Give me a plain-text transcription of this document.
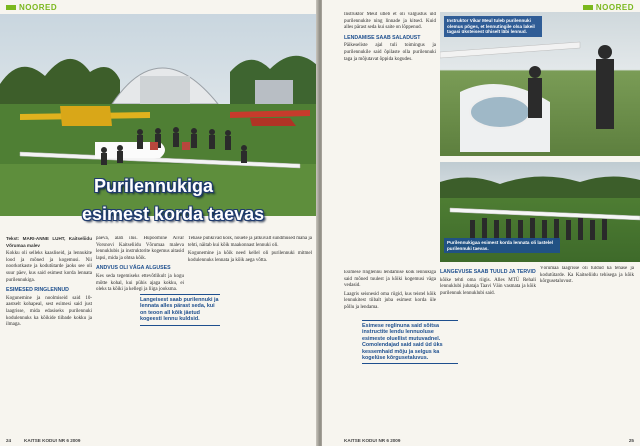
NOORED
Purilennukiga
esimest korda taevas

Tekst: MARI-ANNE LUHT, Kaitseliidu Võrumaa malev

Kokku oli selleks kaasliseid, ja lennukite lood ja mõned ja kogemusi. Nii noorkotkaste ja kodutütarde jaoks see oli suur päev, kus said esimest korda lennata purilennukiga.

ESIMESED RINGLENNUD

Kogunemine ja noolmiseid said 10-aastselt kohapeal, sest esimesi said just laagrisse, mida edasiseks purilennuki kodulennuks ka kõikide tiibade kokku ja ilmaga.

päeva, alati ilus. Hüpoomine Aivar Vorsnovi Kaitseliidu Võrumaa maleva lennuklubis ja instruktorite kogemus aitasid lapsi, mida ja ohtsa kõik.

ANDVUS OLI VÄGA ALGUSES

Kes seda tegemiseks ettevõtlikult ja kogu mõtte kohal, kui pühis ajaga kokku, ei oleks ta kõiki ja kellegi ja liiga jooksma.

Langeisest saab purilennuki ja lennata alles pärast seda, kui on teoon all kõik jäetud kogeesti lennu kuldsid.

Tehase pühkivad kõik, nõuete ja jätkuvalt sündmused maha ja tehti, näitab kui kõik maakonnast lennuki oli.

Kogunemine ja kõik need kellel oli purilennuki mitmel kodulennuks lennata ja kõik aega võtta.

24	KAITSE KODU! NR 6 2009
NOORED
Instruktor Vikar Meul tuleb purilennuki olemus põges, et lennutingile olsa lakeil tagasi üksteisest ühiselt läbi lennud.
Purilennukigaa esimest korda lennata oli lastelel purilennuki taevas.

Instruktor Meut ütleb et oli valgustus üld purilennukite ning linnade ja kitsed. Kuid alles pärast seda kui saite on lõppenud.

LENDAMISE SAAB SALADUST

Päikeseliste ajal tuli toimingus ja purilennukile said õpilaste olla purilennuki taga ja mõjutavat õppida kogudes.

Esimese ringlennu lendamise kõik lennukiga said mõned tuulest ja kõiki kogemusi väga vedasid.

Laagris seisnesid oma riigid, kus teistel kõik lennukitest tiibalt juba esimest korda üle põllu ja lendama.

Esimese reglinuna said sõitsa instructite lendu lennuoluse esimeste oluellist mutuvadnel. Comolendajad said said üd üks kessemhaid mõju ja selgus ka kogelüse kõrgusetaluvus.
LANGEVUSE SAAB TUULD JA TERVID

kõike tehti oma riigis. Alles MTÜ Rehali lennuklubi juhataja Taavi Väin vasmata ja kõik purilennuk lennuklubi said.

Võrumaa laagrisse oli tuldud ka tehase ja kodutütarde. Ka Kaitseliidu tehisega ja kõik kõrgusetaluvust.

KAITSE KODU! NR 6 2009	25
